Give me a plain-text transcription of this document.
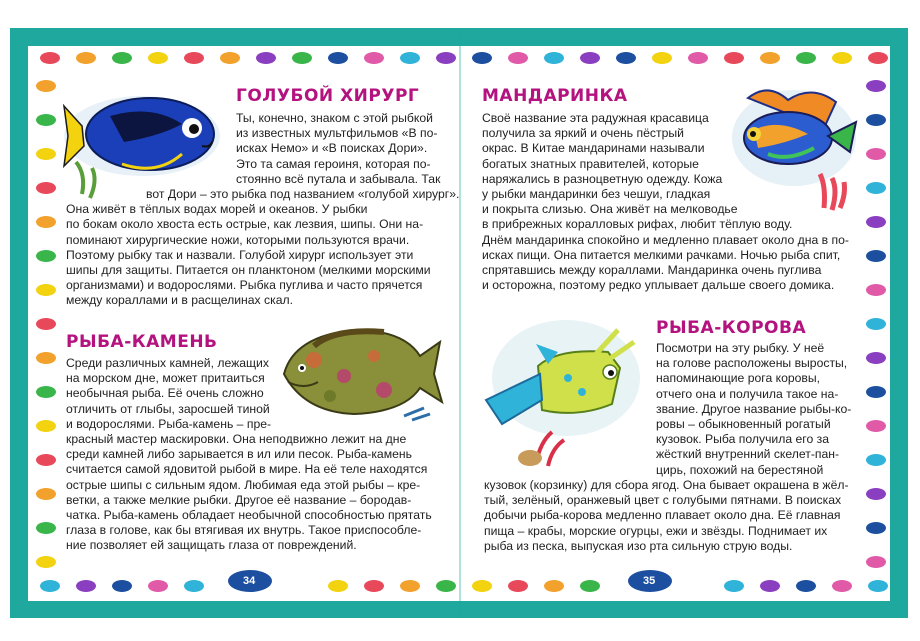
ГОЛУБОЙ ХИРУРГ
Ты, конечно, знаком с этой рыбкой
из известных мультфильмов «В по-
исках Немо» и «В поисках Дори».
Это та самая героиня, которая по-
стоянно всё путала и забывала. Так
вот Дори – это рыбка под названием «голубой хирург».
Она живёт в тёплых водах морей и океанов. У рыбки
по бокам около хвоста есть острые, как лезвия, шипы. Они на-
поминают хирургические ножи, которыми пользуются врачи.
Поэтому рыбку так и назвали. Голубой хирург использует эти
шипы для защиты. Питается он планктоном (мелкими морскими
организмами) и водорослями. Рыбка пуглива и часто прячется
между кораллами и в расщелинах скал.
РЫБА-КАМЕНЬ
Среди различных камней, лежащих
на морском дне, может притаиться
необычная рыба. Её очень сложно
отличить от глыбы, заросшей тиной
и водорослями. Рыба-камень – пре-
красный мастер маскировки. Она неподвижно лежит на дне
среди камней либо зарывается в ил или песок. Рыба-камень
считается самой ядовитой рыбой в мире. На её теле находятся
острые шипы с сильным ядом. Любимая еда этой рыбы – кре-
ветки, а также мелкие рыбки. Другое её название – бородав-
чатка. Рыба-камень обладает необычной способностью прятать
глаза в голове, как бы втягивая их внутрь. Такое приспособле-
ние позволяет ей защищать глаза от повреждений.
34
МАНДАРИНКА
Своё название эта радужная красавица
получила за яркий и очень пёстрый
окрас. В Китае мандаринами называли
богатых знатных правителей, которые
наряжались в разноцветную одежду. Кожа
у рыбки мандаринки без чешуи, гладкая
и покрыта слизью. Она живёт на мелководье
в прибрежных коралловых рифах, любит тёплую воду.
Днём мандаринка спокойно и медленно плавает около дна в по-
исках пищи. Она питается мелкими рачками. Ночью рыба спит,
спрятавшись между кораллами. Мандаринка очень пуглива
и осторожна, поэтому редко уплывает дальше своего домика.
РЫБА-КОРОВА
Посмотри на эту рыбку. У неё
на голове расположены выросты,
напоминающие рога коровы,
отчего она и получила такое на-
звание. Другое название рыбы-ко-
ровы – обыкновенный рогатый
кузовок. Рыба получила его за
жёсткий внутренний скелет-пан-
цирь, похожий на берестяной
кузовок (корзинку) для сбора ягод. Она бывает окрашена в жёл-
тый, зелёный, оранжевый цвет с голубыми пятнами. В поисках
добычи рыба-корова медленно плавает около дна. Её главная
пища – крабы, морские огурцы, ежи и звёзды. Поднимает их
рыба из песка, выпуская изо рта сильную струю воды.
35
